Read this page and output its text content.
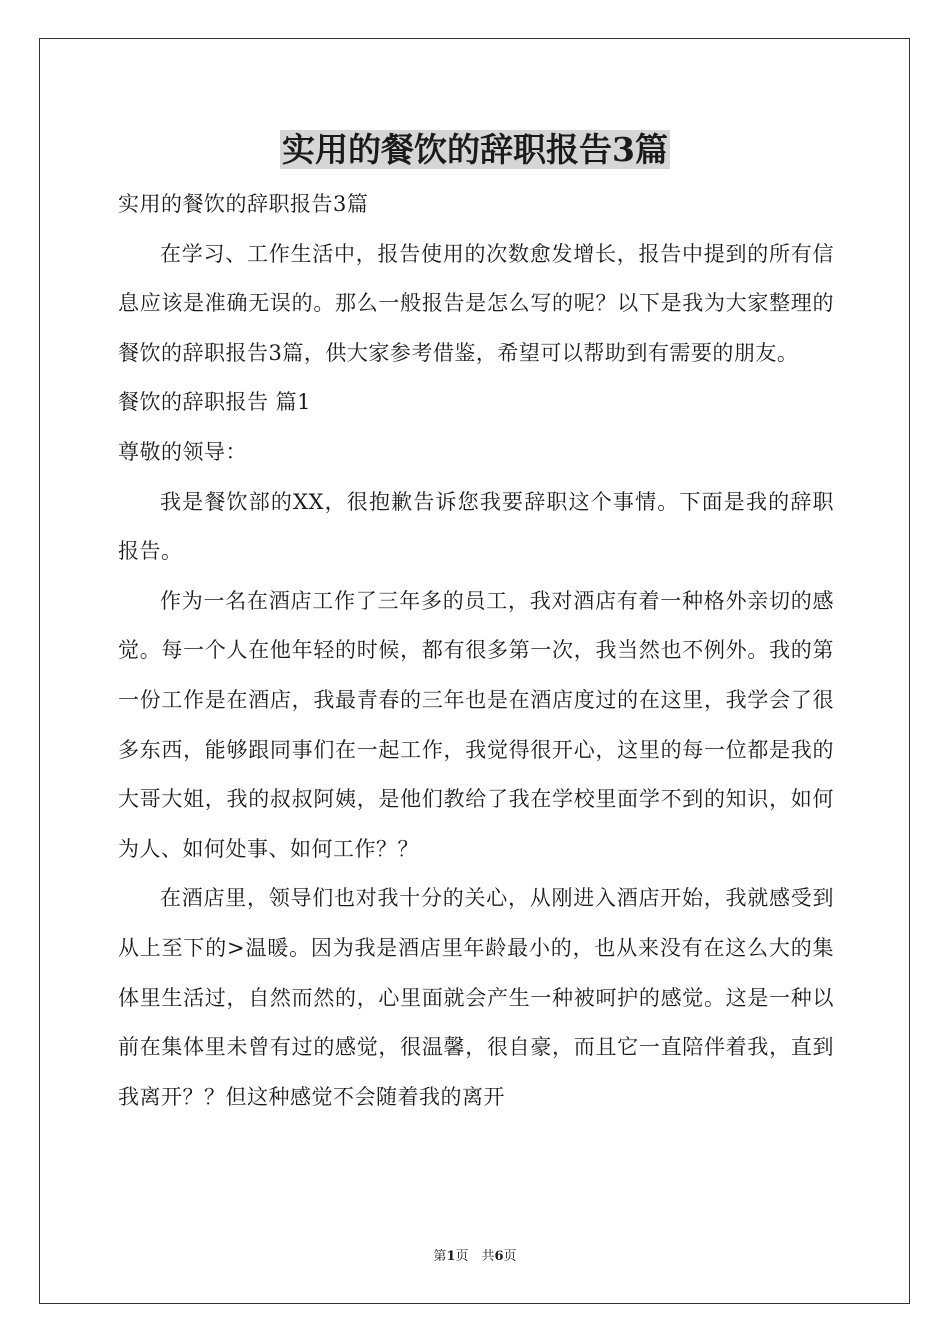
实用的餐饮的辞职报告3篇

实用的餐饮的辞职报告3篇

在学习、工作生活中，报告使用的次数愈发增长，报告中提到的所有信息应该是准确无误的。那么一般报告是怎么写的呢？以下是我为大家整理的餐饮的辞职报告3篇，供大家参考借鉴，希望可以帮助到有需要的朋友。

餐饮的辞职报告 篇1

尊敬的领导：

我是餐饮部的XX，很抱歉告诉您我要辞职这个事情。下面是我的辞职报告。

作为一名在酒店工作了三年多的员工，我对酒店有着一种格外亲切的感觉。每一个人在他年轻的时候，都有很多第一次，我当然也不例外。我的第一份工作是在酒店，我最青春的三年也是在酒店度过的在这里，我学会了很多东西，能够跟同事们在一起工作，我觉得很开心，这里的每一位都是我的大哥大姐，我的叔叔阿姨，是他们教给了我在学校里面学不到的知识，如何为人、如何处事、如何工作？？

在酒店里，领导们也对我十分的关心，从刚进入酒店开始，我就感受到从上至下的>温暖。因为我是酒店里年龄最小的，也从来没有在这么大的集体里生活过，自然而然的，心里面就会产生一种被呵护的感觉。这是一种以前在集体里未曾有过的感觉，很温馨，很自豪，而且它一直陪伴着我，直到我离开？？但这种感觉不会随着我的离开

第1页　共6页
